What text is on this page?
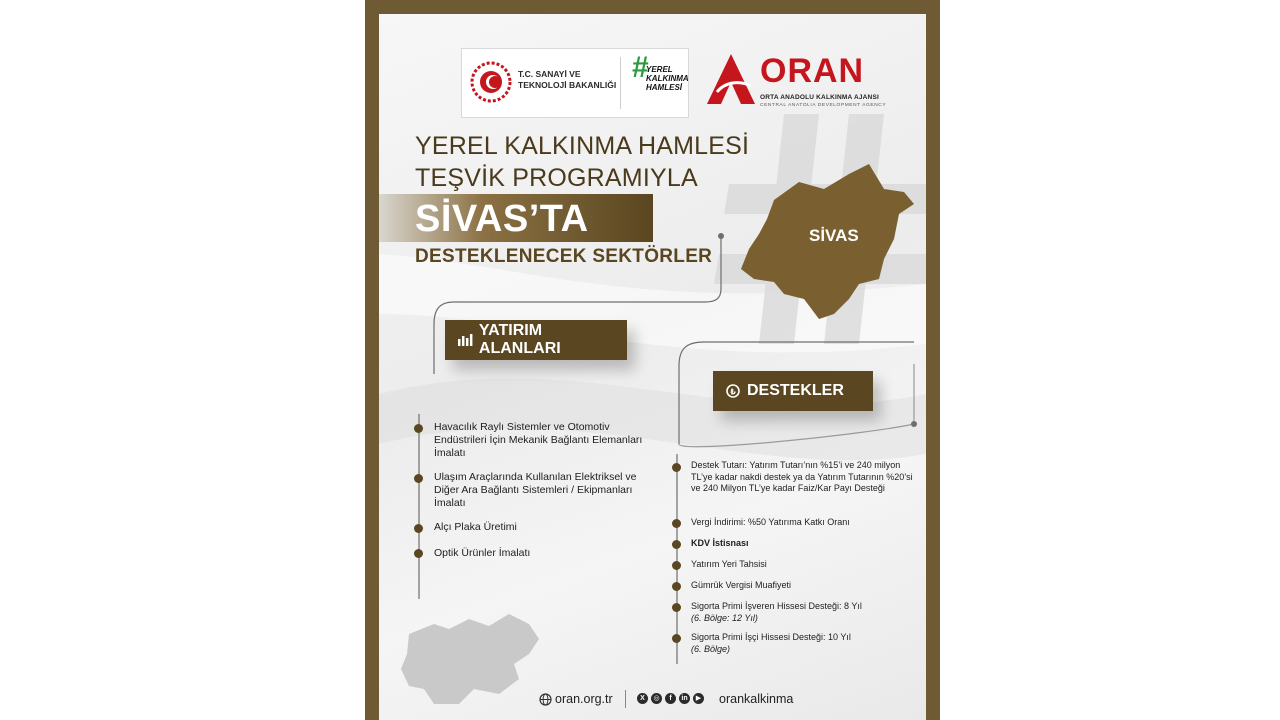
T.C. SANAYİ VE TEKNOLOJİ BAKANLIĞI
#
YEREL KALKINMA HAMLESİ ORAN
ORTA ANADOLU KALKINMA AJANSI
CENTRAL ANATOLIA DEVELOPMENT AGENCY
YEREL KALKINMA HAMLESİ
TEŞVİK PROGRAMIYLA
SİVAS’TA
DESTEKLENECEK SEKTÖRLER
SİVAS
YATIRIM ALANLARI
₺ DESTEKLER
Havacılık Raylı Sistemler ve Otomotiv Endüstrileri İçin Mekanik Bağlantı Elemanları İmalatı
Ulaşım Araçlarında Kullanılan Elektriksel ve Diğer Ara Bağlantı Sistemleri / Ekipmanları İmalatı
Alçı Plaka Üretimi
Optik Ürünler İmalatı
Destek Tutarı: Yatırım Tutarı’nın %15’i ve 240 milyon TL’ye kadar nakdi destek ya da Yatırım Tutarının %20’si ve 240 Milyon TL’ye kadar Faiz/Kar Payı Desteği
Vergi İndirimi: %50 Yatırıma Katkı Oranı
KDV İstisnası
Yatırım Yeri Tahsisi
Gümrük Vergisi Muafiyeti
Sigorta Primi İşveren Hissesi Desteği: 8 Yıl
(6. Bölge: 12 Yıl)
Sigorta Primi İşçi Hissesi Desteği: 10 Yıl
(6. Bölge)
oran.org.tr	X	◎	f	in	▶ orankalkinma
